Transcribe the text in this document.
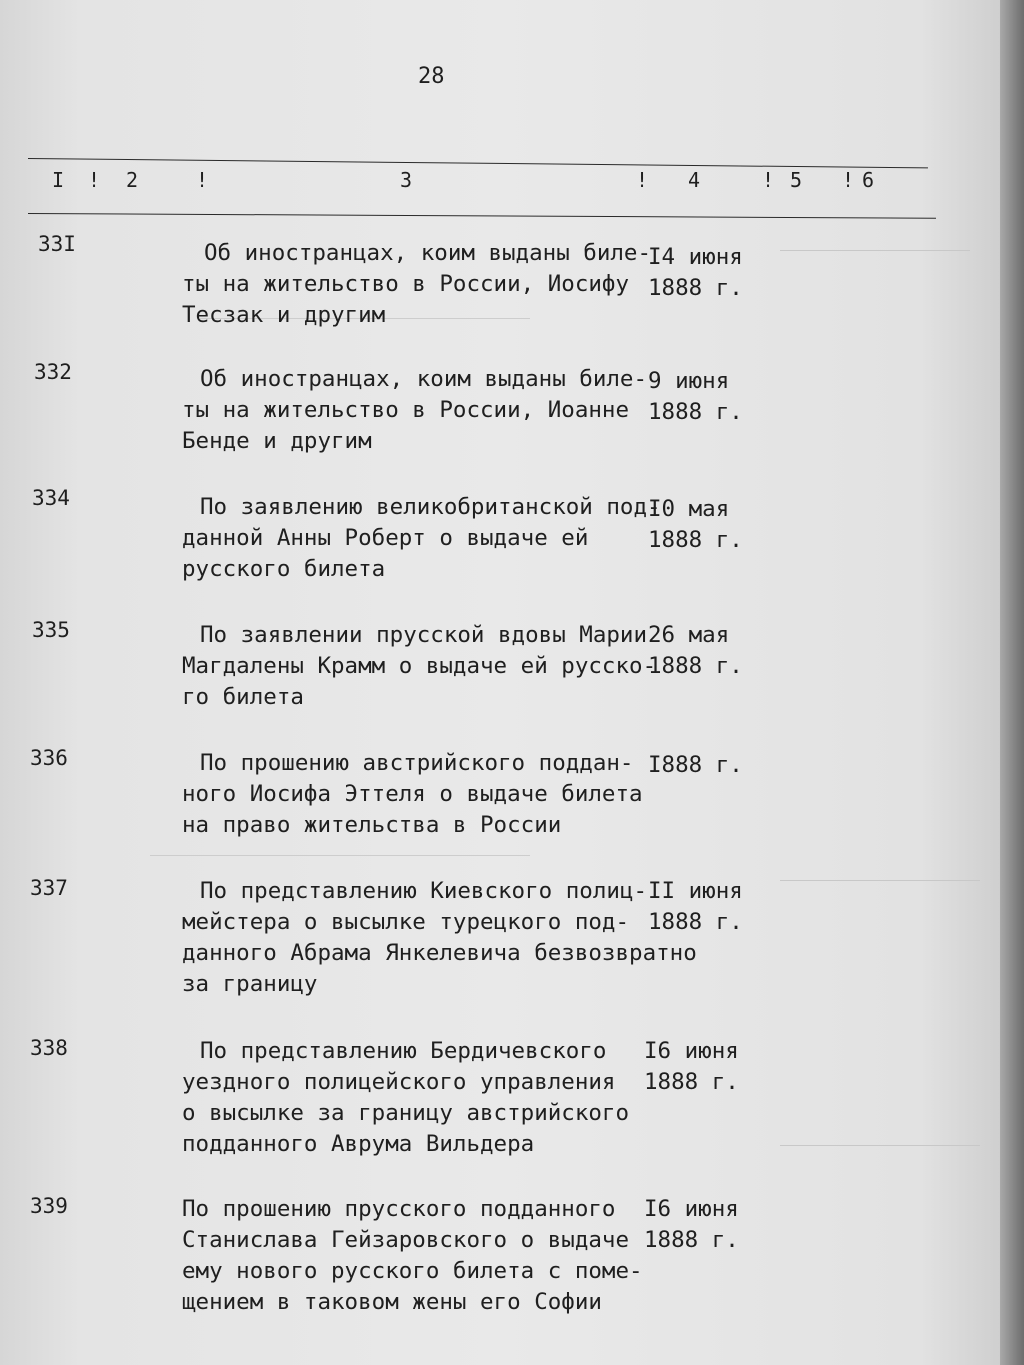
28
I ! 2	!	3	! 4	! 5 ! 6
33I	Об иностранцах, коим выданы биле-
ты на жительство в России, Иосифу
Тесзак и другим
I4 июня
1888 г.
332	Об иностранцах, коим выданы биле-
ты на жительство в России, Иоанне
Бенде и другим
9 июня
1888 г.
334	По заявлению великобританской под-
данной Анны Роберт о выдаче ей
русского билета
I0 мая
1888 г.
335	По заявлении прусской вдовы Марии
Магдалены Крамм о выдаче ей русско-
го билета
26 мая
1888 г.
336	По прошению австрийского поддан-
ного Иосифа Эттеля о выдаче билета
на право жительства в России
I888 г.
337	По представлению Киевского полиц-
мейстера о высылке турецкого под-
данного Абрама Янкелевича безвозвратно
за границу
II июня
1888 г.
338	По представлению Бердичевского
уездного полицейского управления
о высылке за границу австрийского
подданного Аврума Вильдера
I6 июня
1888 г.
339	По прошению прусского подданного
Станислава Гейзаровского о выдаче
ему нового русского билета с поме-
щением в таковом жены его Софии
I6 июня
1888 г.
